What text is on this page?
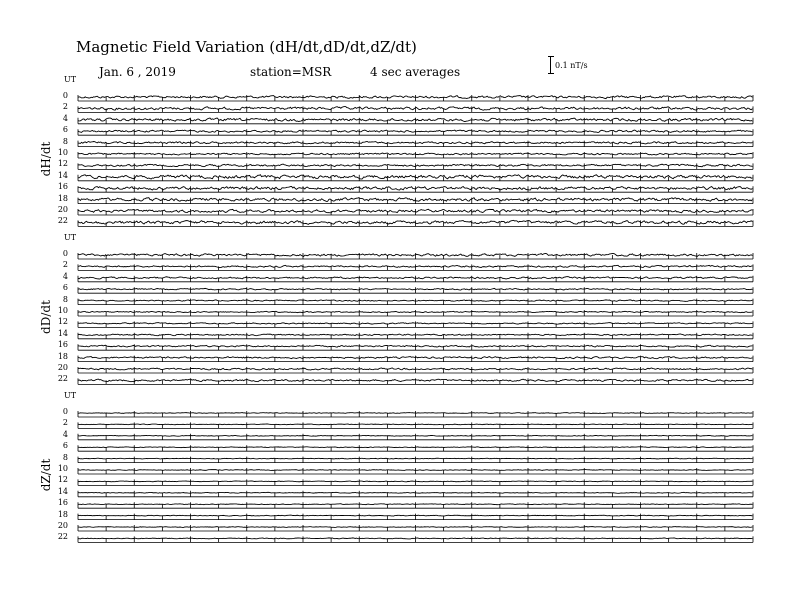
Magnetic Field Variation (dH/dt,dD/dt,dZ/dt)
Jan. 6 , 2019	station=MSR	4 sec averages	0.1 nT/s
UT
dH/dt
0
2
4
6
8
10
12
14
16
18
20
22
UT
dD/dt
0
2
4
6
8
10
12
14
16
18
20
22
UT
dZ/dt
0
2
4
6
8
10
12
14
16
18
20
22
